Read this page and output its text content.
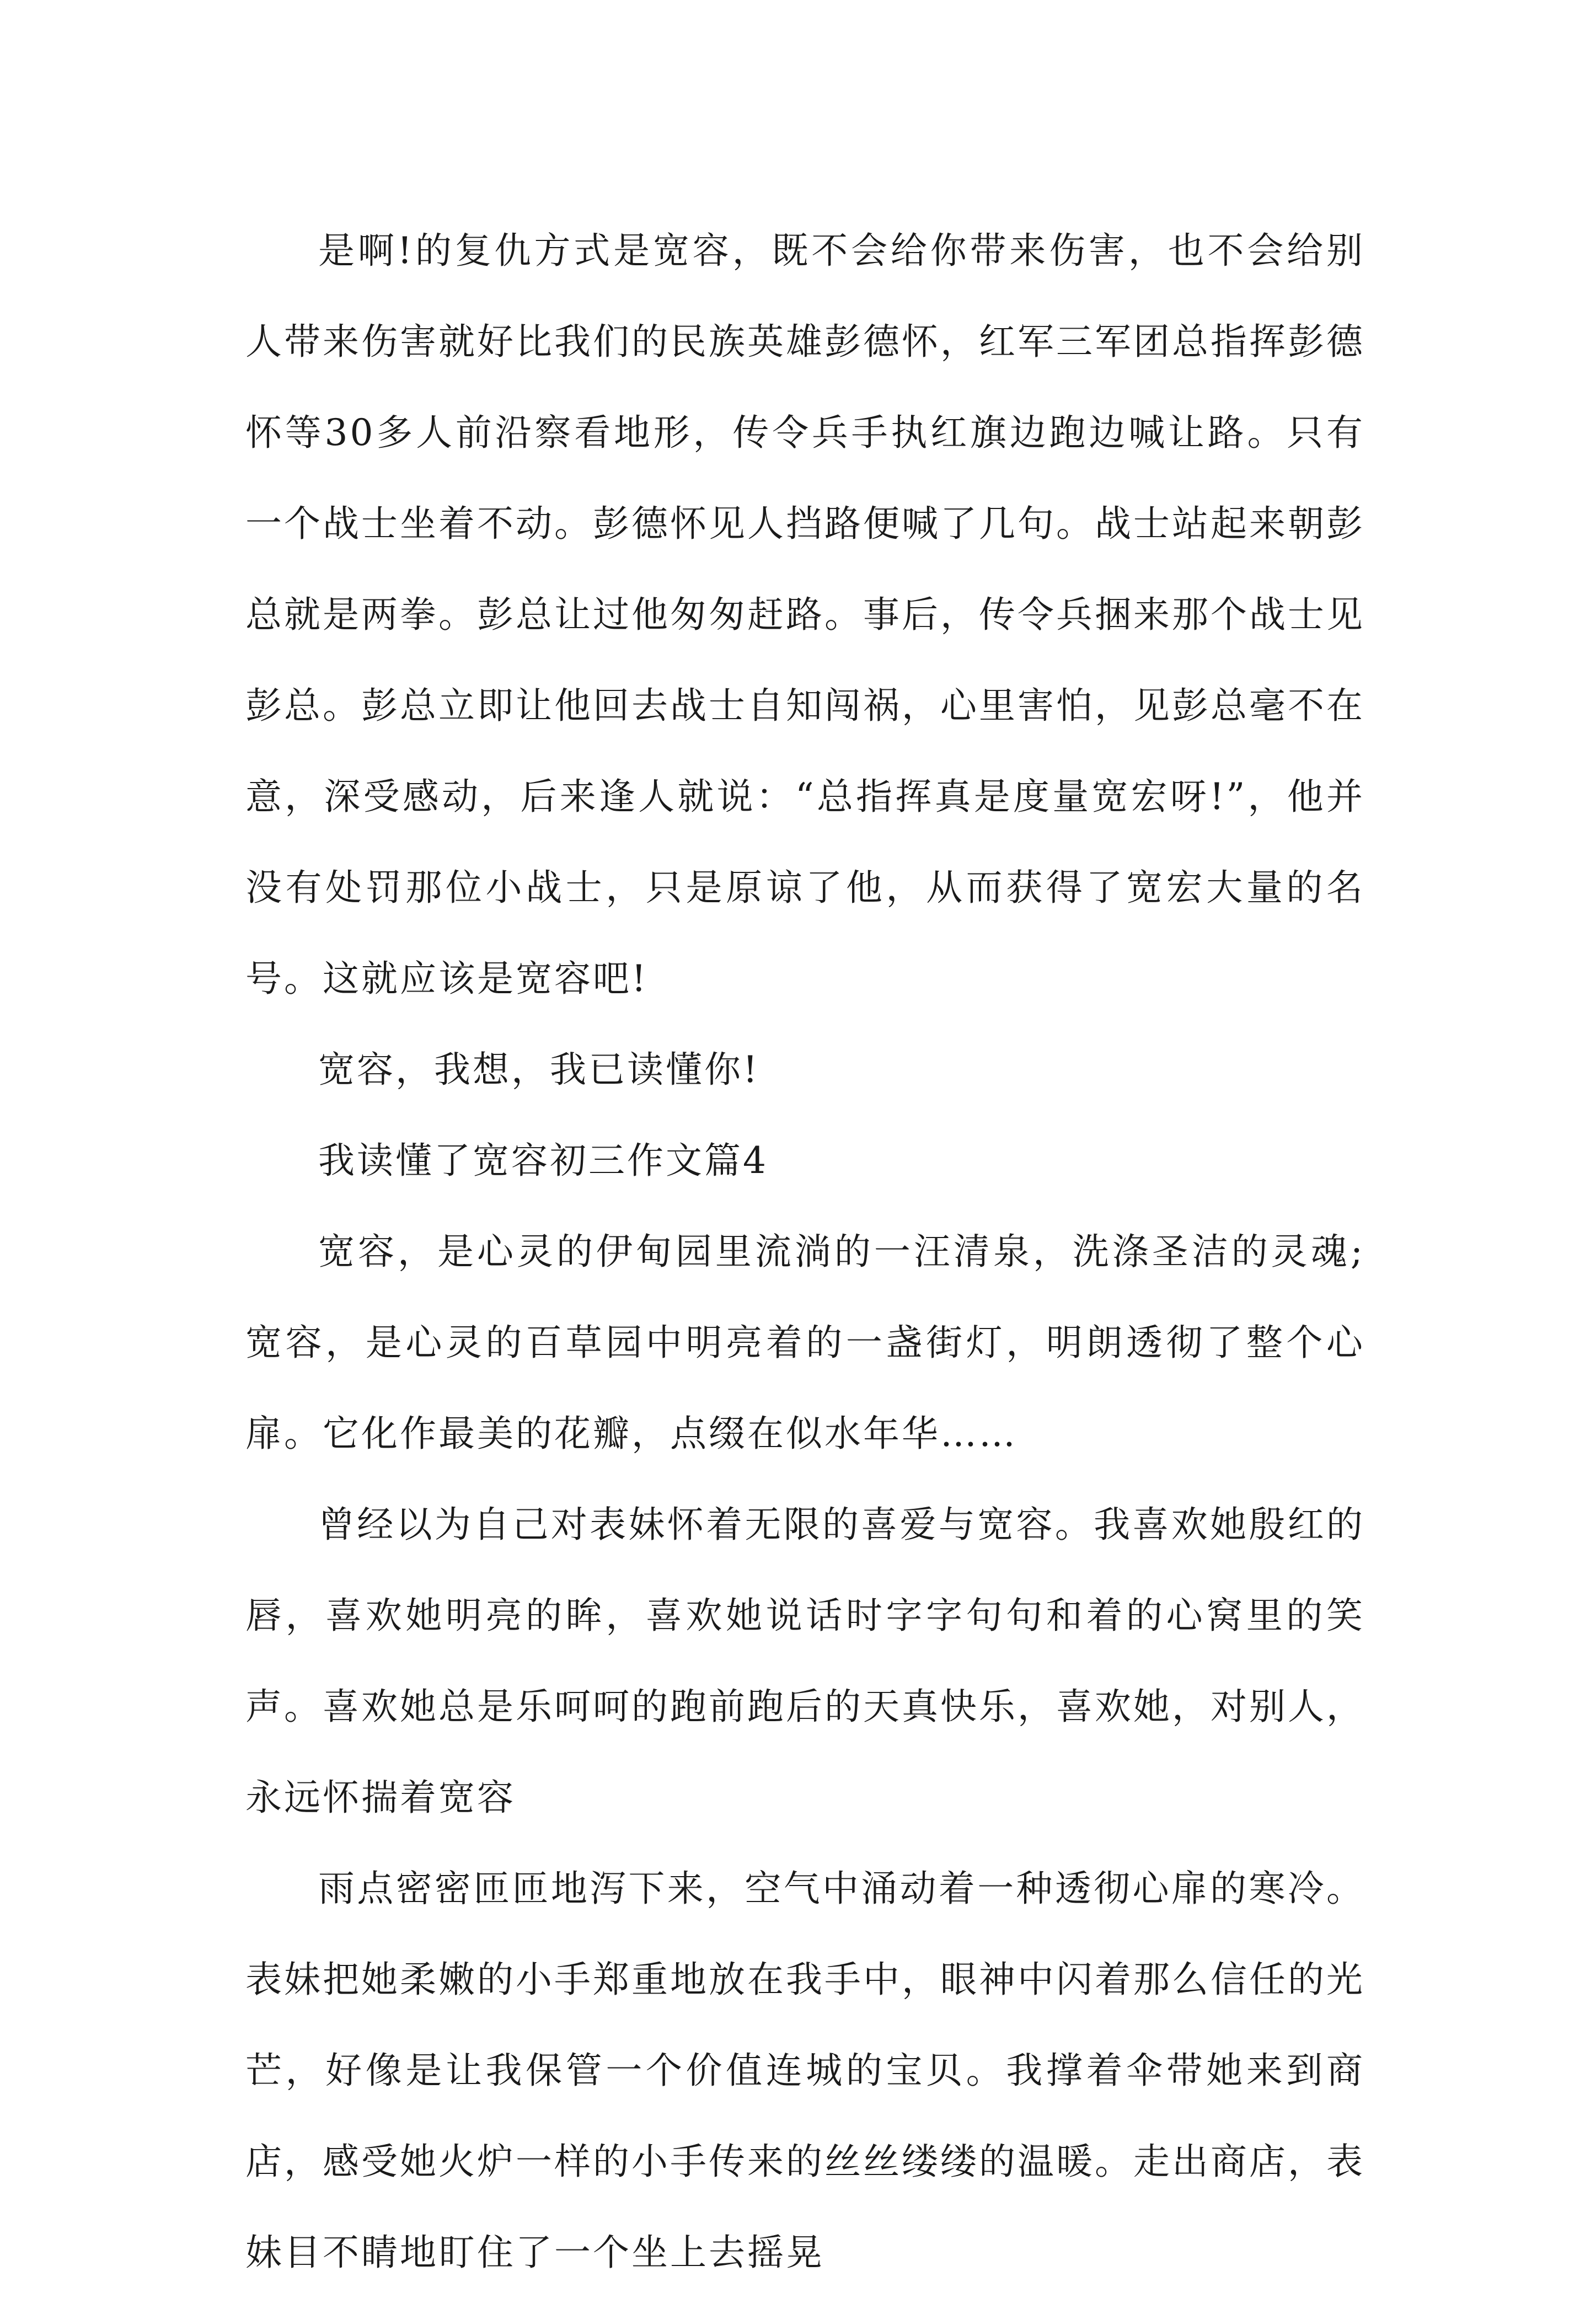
是啊!的复仇方式是宽容，既不会给你带来伤害，也不会给别人带来伤害就好比我们的民族英雄彭德怀，红军三军团总指挥彭德怀等30多人前沿察看地形，传令兵手执红旗边跑边喊让路。只有一个战士坐着不动。彭德怀见人挡路便喊了几句。战士站起来朝彭总就是两拳。彭总让过他匆匆赶路。事后，传令兵捆来那个战士见彭总。彭总立即让他回去战士自知闯祸，心里害怕，见彭总毫不在意，深受感动，后来逢人就说：“总指挥真是度量宽宏呀!”，他并没有处罚那位小战士，只是原谅了他，从而获得了宽宏大量的名号。这就应该是宽容吧!

宽容，我想，我已读懂你!

我读懂了宽容初三作文篇4

宽容，是心灵的伊甸园里流淌的一汪清泉，洗涤圣洁的灵魂;宽容，是心灵的百草园中明亮着的一盏街灯，明朗透彻了整个心扉。它化作最美的花瓣，点缀在似水年华……

曾经以为自己对表妹怀着无限的喜爱与宽容。我喜欢她殷红的唇，喜欢她明亮的眸，喜欢她说话时字字句句和着的心窝里的笑声。喜欢她总是乐呵呵的跑前跑后的天真快乐，喜欢她，对别人，永远怀揣着宽容

雨点密密匝匝地泻下来，空气中涌动着一种透彻心扉的寒冷。表妹把她柔嫩的小手郑重地放在我手中，眼神中闪着那么信任的光芒，好像是让我保管一个价值连城的宝贝。我撑着伞带她来到商店，感受她火炉一样的小手传来的丝丝缕缕的温暖。走出商店，表妹目不睛地盯住了一个坐上去摇晃
